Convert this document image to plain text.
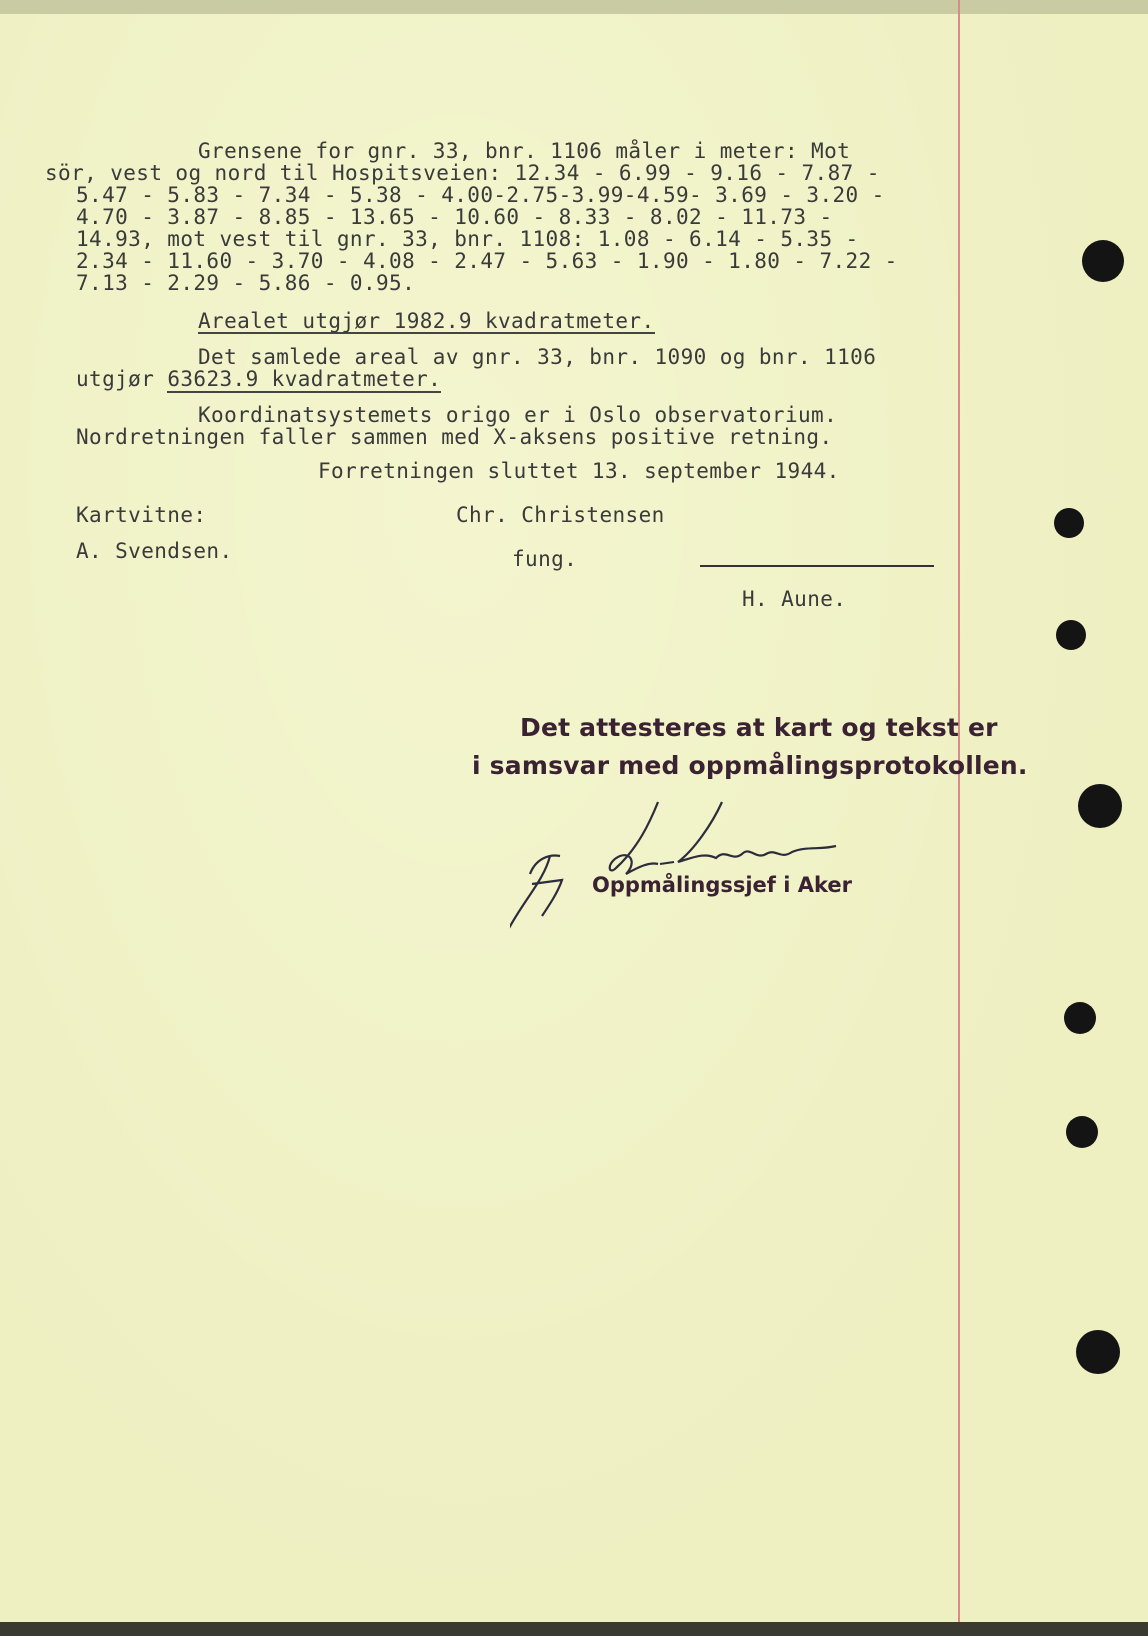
Grensene for gnr. 33, bnr. 1106 måler i meter: Mot
sör, vest og nord til Hospitsveien: 12.34 - 6.99 - 9.16 - 7.87 -
5.47 - 5.83 - 7.34 - 5.38 - 4.00-2.75-3.99-4.59- 3.69 - 3.20 -
4.70 - 3.87 - 8.85 - 13.65 - 10.60 - 8.33 - 8.02 - 11.73 -
14.93, mot vest til gnr. 33, bnr. 1108: 1.08 - 6.14 - 5.35 -
2.34 - 11.60 - 3.70 - 4.08 - 2.47 - 5.63 - 1.90 - 1.80 - 7.22 -
7.13 - 2.29 - 5.86 - 0.95.
Arealet utgjør 1982.9 kvadratmeter.
Det samlede areal av gnr. 33, bnr. 1090 og bnr. 1106
utgjør 63623.9 kvadratmeter.
Koordinatsystemets origo er i Oslo observatorium.
Nordretningen faller sammen med X-aksens positive retning.
Forretningen sluttet 13. september 1944.
Kartvitne:
A. Svendsen.
Chr. Christensen
fung.
H. Aune.
Det attesteres at kart og tekst er
i samsvar med oppmålingsprotokollen.
Oppmålingssjef i Aker
